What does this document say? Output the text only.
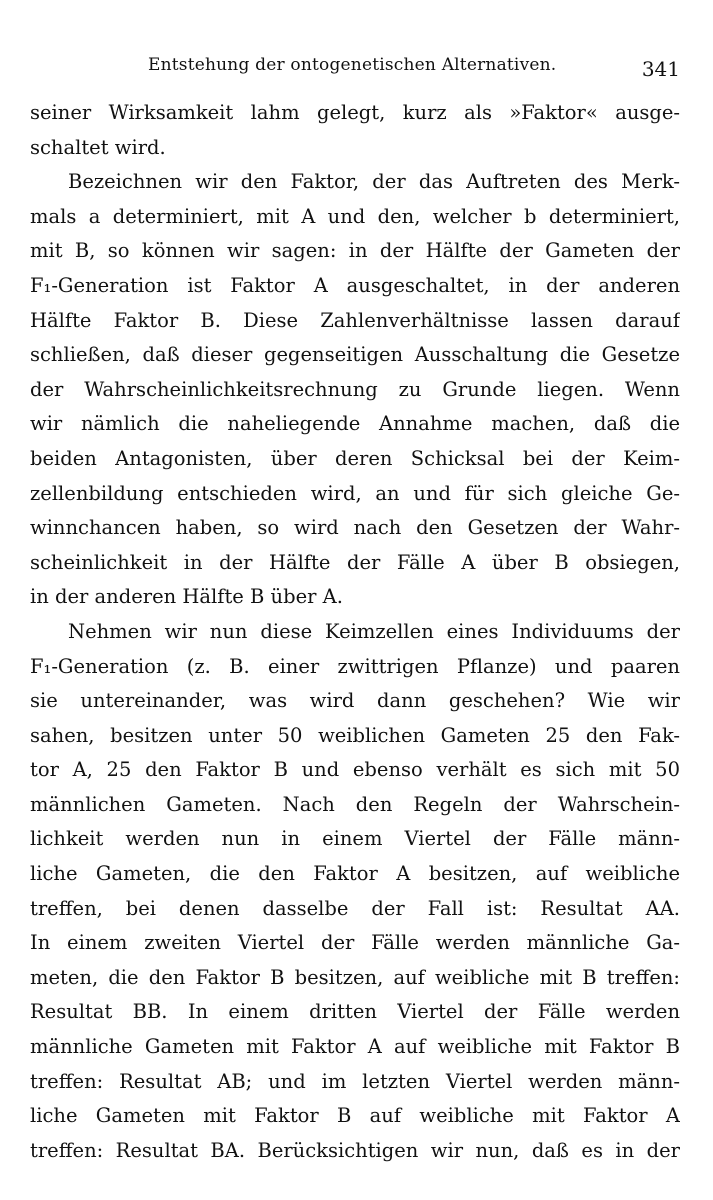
Entstehung der ontogenetischen Alternativen.	341
seiner Wirksamkeit lahm gelegt, kurz als »Faktor« ausge-
schaltet wird.
Bezeichnen wir den Faktor, der das Auftreten des Merk-
mals a determiniert, mit A und den, welcher b determiniert,
mit B, so können wir sagen: in der Hälfte der Gameten der
F₁-Generation ist Faktor A ausgeschaltet, in der anderen
Hälfte Faktor B. Diese Zahlenverhältnisse lassen darauf
schließen, daß dieser gegenseitigen Ausschaltung die Gesetze
der Wahrscheinlichkeitsrechnung zu Grunde liegen. Wenn
wir nämlich die naheliegende Annahme machen, daß die
beiden Antagonisten, über deren Schicksal bei der Keim-
zellenbildung entschieden wird, an und für sich gleiche Ge-
winnchancen haben, so wird nach den Gesetzen der Wahr-
scheinlichkeit in der Hälfte der Fälle A über B obsiegen,
in der anderen Hälfte B über A.
Nehmen wir nun diese Keimzellen eines Individuums der
F₁-Generation (z. B. einer zwittrigen Pflanze) und paaren
sie untereinander, was wird dann geschehen? Wie wir
sahen, besitzen unter 50 weiblichen Gameten 25 den Fak-
tor A, 25 den Faktor B und ebenso verhält es sich mit 50
männlichen Gameten. Nach den Regeln der Wahrschein-
lichkeit werden nun in einem Viertel der Fälle männ-
liche Gameten, die den Faktor A besitzen, auf weibliche
treffen, bei denen dasselbe der Fall ist: Resultat AA.
In einem zweiten Viertel der Fälle werden männliche Ga-
meten, die den Faktor B besitzen, auf weibliche mit B treffen:
Resultat BB. In einem dritten Viertel der Fälle werden
männliche Gameten mit Faktor A auf weibliche mit Faktor B
treffen: Resultat AB; und im letzten Viertel werden männ-
liche Gameten mit Faktor B auf weibliche mit Faktor A
treffen: Resultat BA. Berücksichtigen wir nun, daß es in der
